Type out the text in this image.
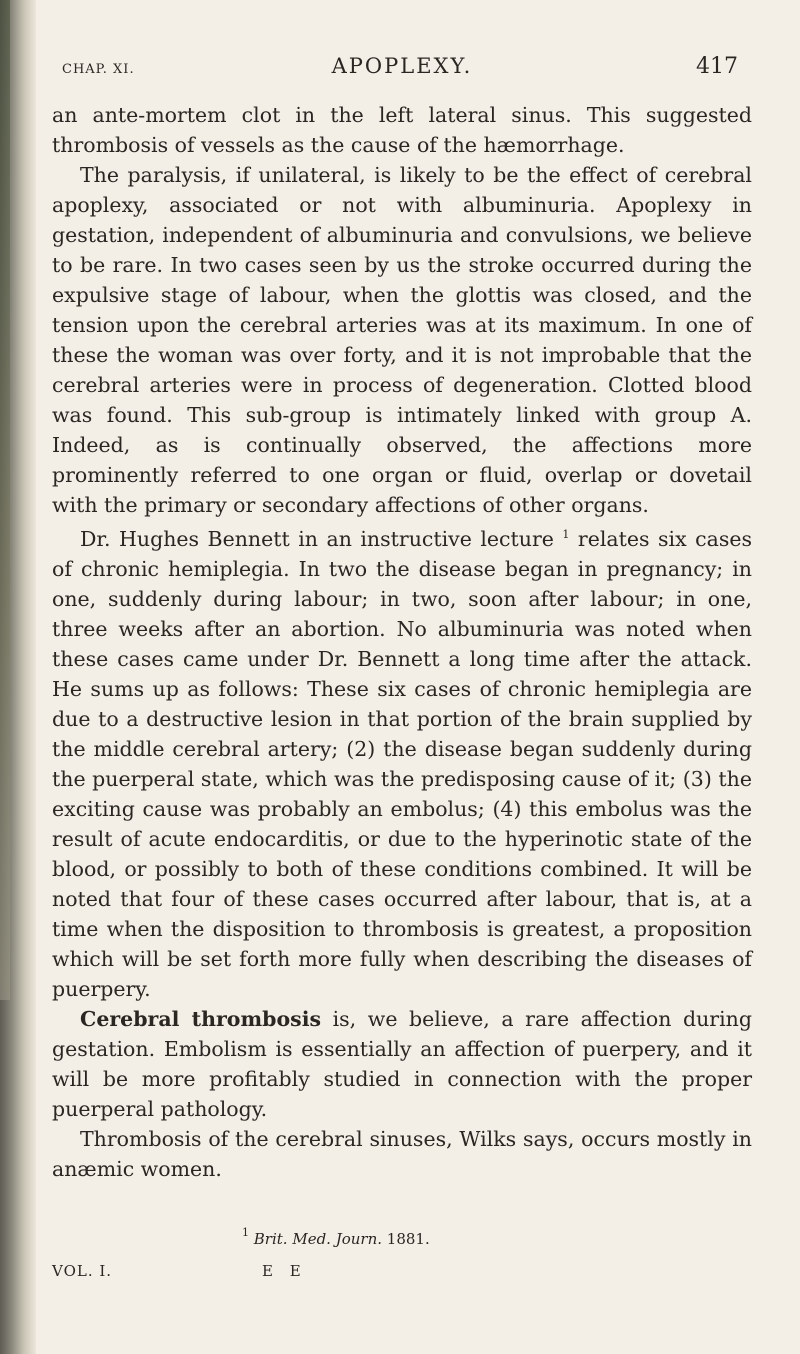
CHAP. XI.	APOPLEXY.	417

an ante-mortem clot in the left lateral sinus. This suggested thrombosis of vessels as the cause of the hæmorrhage.

The paralysis, if unilateral, is likely to be the effect of cerebral apoplexy, associated or not with albuminuria. Apoplexy in gestation, independent of albuminuria and convulsions, we believe to be rare. In two cases seen by us the stroke occurred during the expulsive stage of labour, when the glottis was closed, and the tension upon the cerebral arteries was at its maximum. In one of these the woman was over forty, and it is not improbable that the cerebral arteries were in process of degeneration. Clotted blood was found. This sub-group is intimately linked with group A. Indeed, as is continually observed, the affections more prominently referred to one organ or fluid, overlap or dovetail with the primary or secondary affections of other organs.

Dr. Hughes Bennett in an instructive lecture $^1$ relates six cases of chronic hemiplegia. In two the disease began in pregnancy; in one, suddenly during labour; in two, soon after labour; in one, three weeks after an abortion. No albuminuria was noted when these cases came under Dr. Bennett a long time after the attack. He sums up as follows: These six cases of chronic hemiplegia are due to a destructive lesion in that portion of the brain supplied by the middle cerebral artery; (2) the disease began suddenly during the puerperal state, which was the predisposing cause of it; (3) the exciting cause was probably an embolus; (4) this embolus was the result of acute endocarditis, or due to the hyperinotic state of the blood, or possibly to both of these conditions combined. It will be noted that four of these cases occurred after labour, that is, at a time when the disposition to thrombosis is greatest, a proposition which will be set forth more fully when describing the diseases of puerpery.

Cerebral thrombosis is, we believe, a rare affection during gestation. Embolism is essentially an affection of puerpery, and it will be more profitably studied in connection with the proper puerperal pathology.

Thrombosis of the cerebral sinuses, Wilks says, occurs mostly in anæmic women.

$^1$ Brit. Med. Journ. 1881.
VOL. I.	E E
